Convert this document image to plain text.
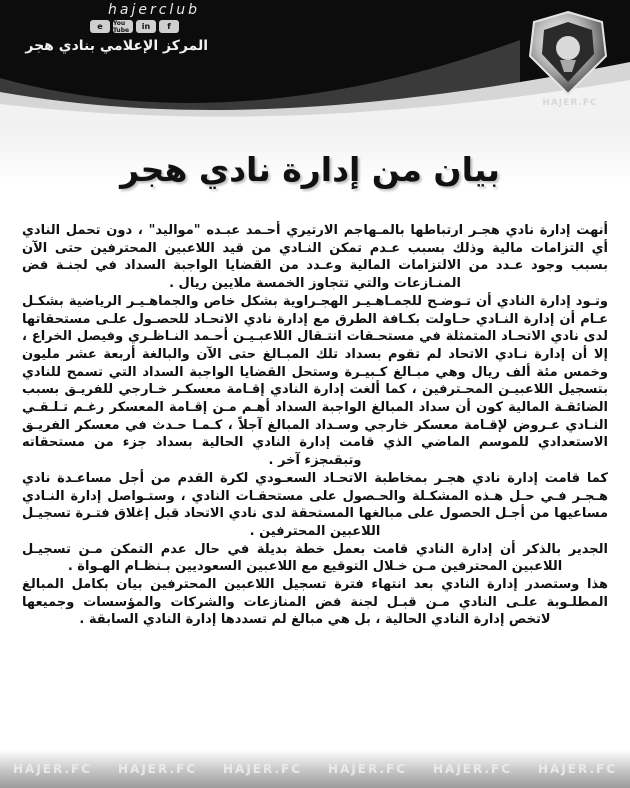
hajerclub
e	You Tube	in	f
المركز الإعلامي بنادي هجر
HAJER.FC
بيان من إدارة نادي هجر

أنهت إدارة نادي هجـر ارتباطها بالمـهاجم الارتيري أحـمد عبـده "مواليد" ، دون تحمل النادي أي التزامات مالية وذلك بسبب عـدم تمكن النـادي من قيد اللاعبين المحترفين حتى الآن بسبب وجود عـدد من الالتزامات المالية وعـدد من القضايا الواجبة السداد في لجنـة فض المنـازعات والتي تتجاوز الخمسة ملايين ريال .

وتـود إدارة النادي أن تـوضـح للجمـاهـيـر الهجـراوية بشكل خاص والجماهـيـر الرياضية بشكـل عـام أن إدارة النـادي حـاولت بكـافة الطرق مع إدارة نادي الاتحـاد للحصـول علـى مستحقاتها لدى نادي الاتحـاد المتمثلة في مستحـقات انتـقال اللاعبـيـن أحـمد النـاظـري وفيصل الخراع ، إلا أن إدارة نـادي الاتحاد لم تقوم بسداد تلك المبـالغ حتى الآن والبالغة أربعة عشر مليون وخمس مئة ألف ريال وهي مبـالغ كـبيـرة وستحل القضايا الواجبة السداد التي تسمح للنادي بتسجيل اللاعبيـن المحـترفين ، كما ألغت إدارة النادي إقـامة معسكـر خـارجي للفريـق بسبب الضائقـة المالية كون أن سداد المبالغ الواجبة السداد أهـم مـن إقـامة المعسكر رغـم تـلـقـي النـادي عـروض لإقـامة معسكر خارجي وسـداد المبالغ آجلاً ، كـمـا حـدث في معسكر الفريـق الاستعدادي للموسم الماضي الذي قامت إدارة النادي الحالية بسداد جزء من مستحقاته وتبقىجزء آخر .

كما قامت إدارة نادي هجـر بمخاطبة الاتحـاد السعـودي لكرة القدم من أجل مساعـدة نادي هـجـر فـي حـل هـذه المشكـلة والحـصول على مستحقـات النادي ، وستـواصل إدارة النـادي مساعيها من أجـل الحصول على مبالغها المستحقة لدى نادي الاتحاد قبل إغلاق فتـرة تسجيـل اللاعبين المحترفين .

الجدير بالذكر أن إدارة النادي قامت بعمل خطة بديلة في حال عدم التمكن مـن تسجيـل اللاعبين المحترفين مـن خـلال التوقيع مع اللاعبين السعوديين بـنظـام الهـواة .

هذا وستصدر إدارة النادي بعد انتهاء فترة تسجيل اللاعبين المحترفين بيان بكامل المبالغ المطلـوبة علـى النادي مـن قبـل لجنة فض المنازعات والشركات والمؤسسات وجميعها لاتخص إدارة النادي الحالية ، بل هي مبالغ لم تسددها إدارة النادي السابقة .

HAJER.FC HAJER.FC HAJER.FC HAJER.FC HAJER.FC HAJER.FC
